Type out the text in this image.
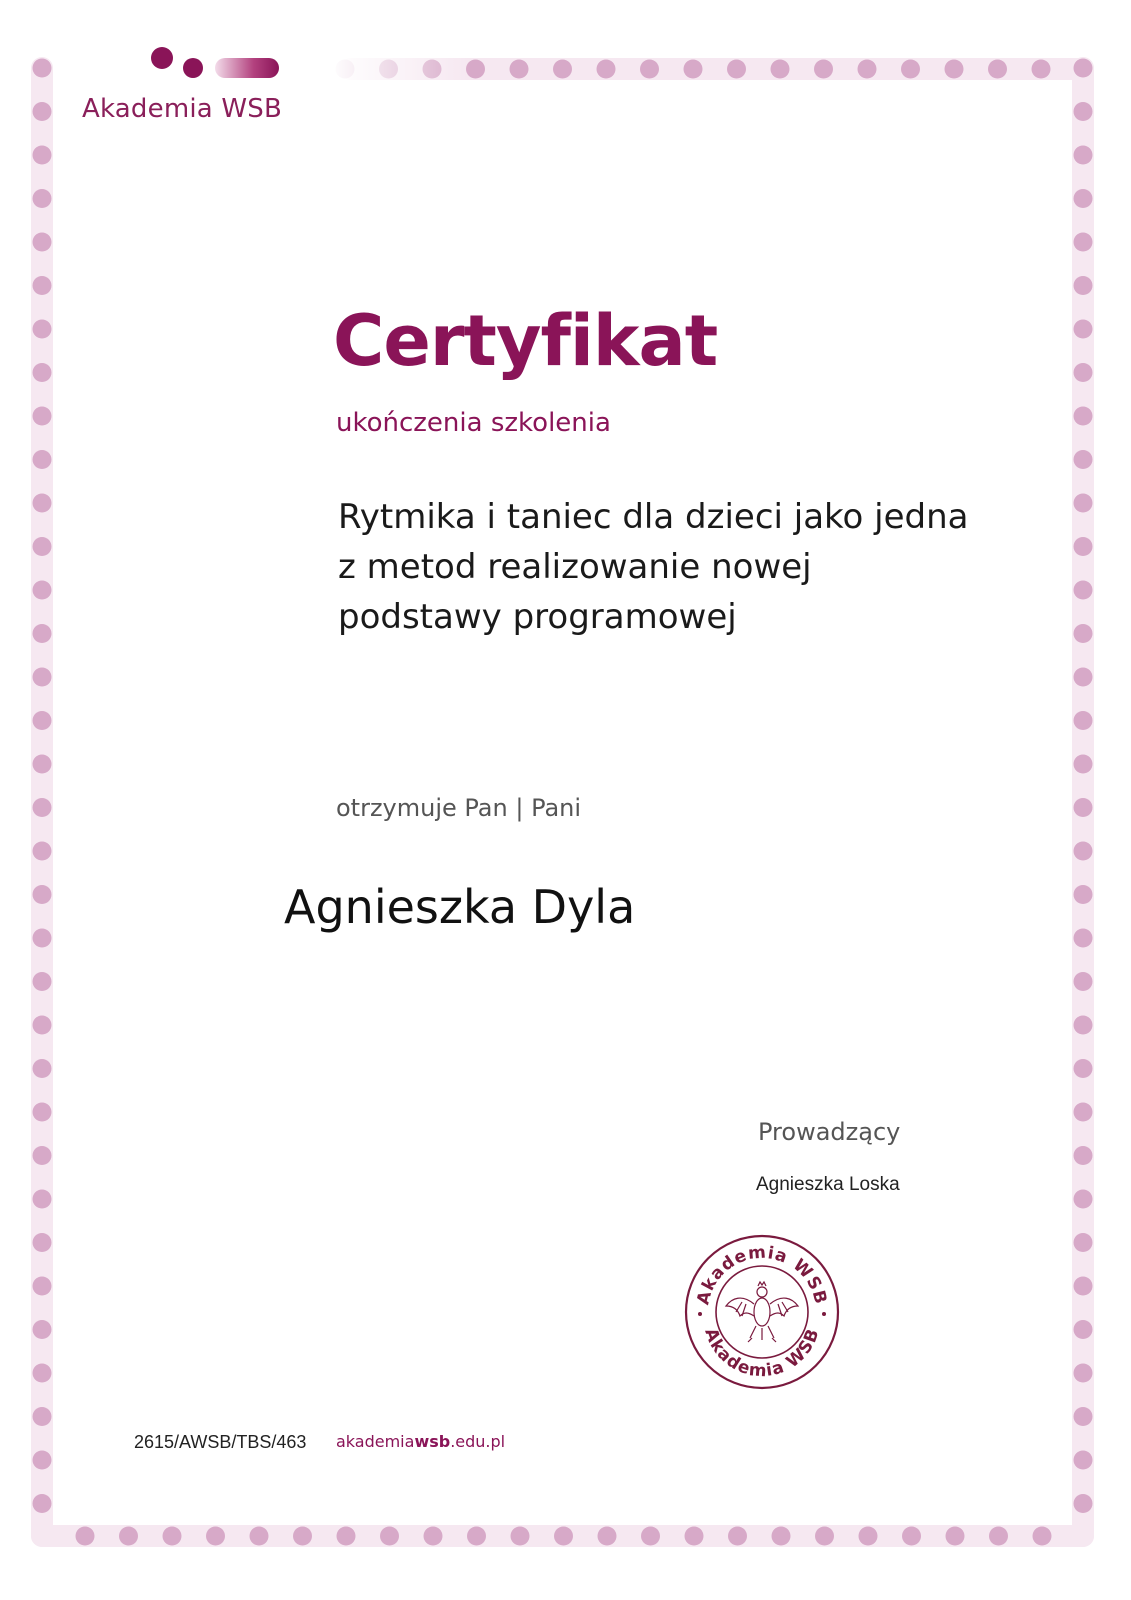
Akademia WSB
Certyfikat
ukończenia szkolenia
Rytmika i taniec dla dzieci jako jedna
z metod realizowanie nowej
podstawy programowej
otrzymuje Pan | Pani
Agnieszka Dyla
Prowadzący
Agnieszka Loska
Akademia WSB
Akademia WSB
2615/AWSB/TBS/463 akademiawsb.edu.pl
